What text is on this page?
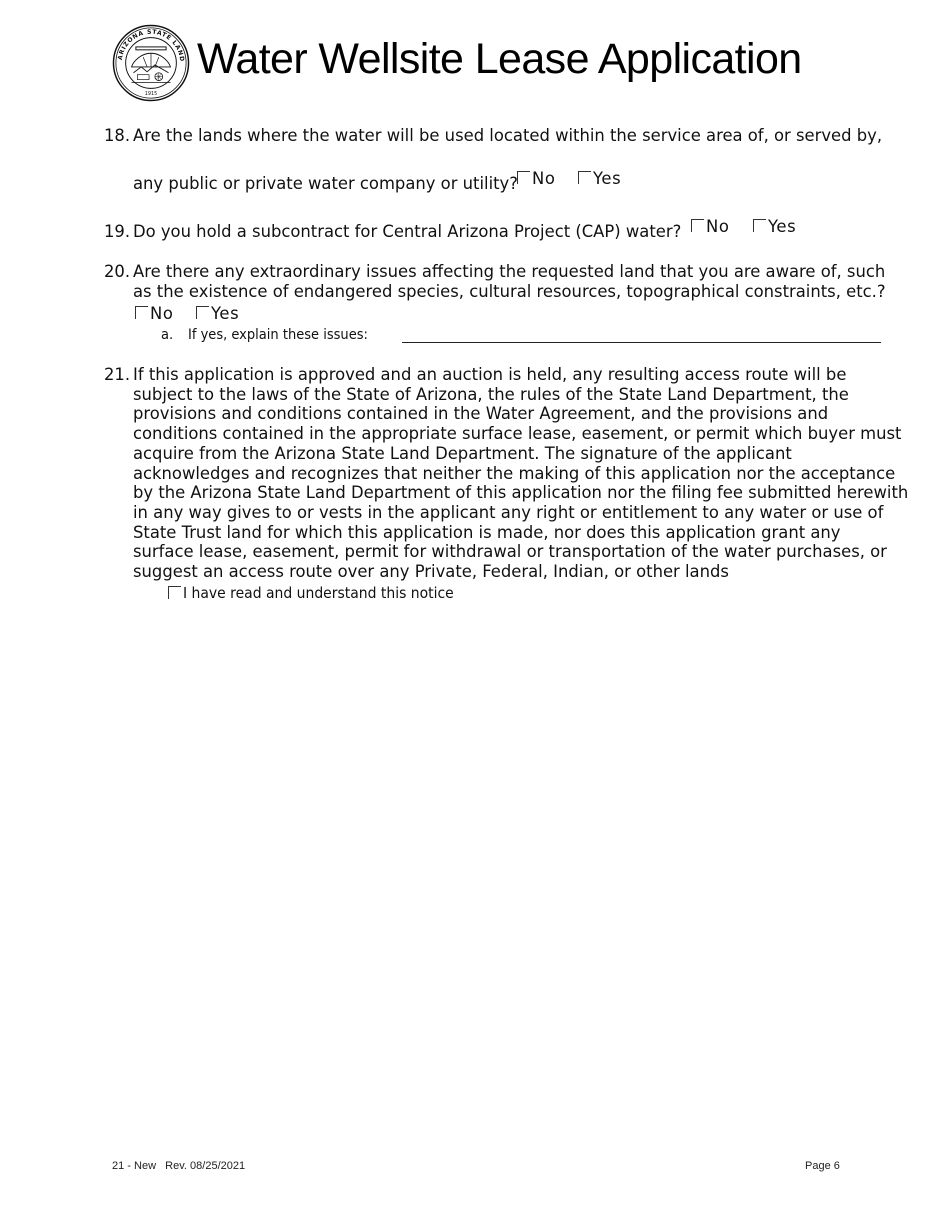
ARIZONA STATE LAND
1915
Water Wellsite Lease Application
18. Are the lands where the water will be used located within the service area of, or served by,
any public or private water company or utility? No Yes
19. Do you hold a subcontract for Central Arizona Project (CAP) water? No Yes
20. Are there any extraordinary issues affecting the requested land that you are aware of, such
as the existence of endangered species, cultural resources, topographical constraints, etc.?
No Yes
a. If yes, explain these issues:
21. If this application is approved and an auction is held, any resulting access route will be
subject to the laws of the State of Arizona, the rules of the State Land Department, the
provisions and conditions contained in the Water Agreement, and the provisions and
conditions contained in the appropriate surface lease, easement, or permit which buyer must
acquire from the Arizona State Land Department. The signature of the applicant
acknowledges and recognizes that neither the making of this application nor the acceptance
by the Arizona State Land Department of this application nor the filing fee submitted herewith
in any way gives to or vests in the applicant any right or entitlement to any water or use of
State Trust land for which this application is made, nor does this application grant any
surface lease, easement, permit for withdrawal or transportation of the water purchases, or
suggest an access route over any Private, Federal, Indian, or other lands
I have read and understand this notice
21 - New   Rev. 08/25/2021	Page 6
